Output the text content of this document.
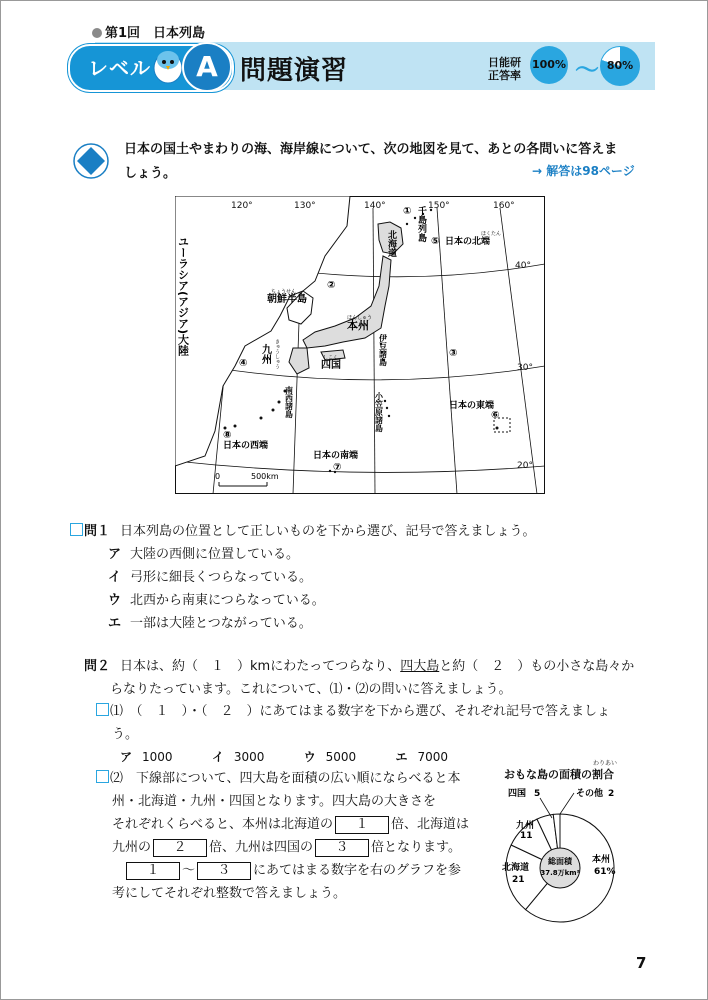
第1回　日本列島
レベル	A 問題演習	日能研
正答率
100% 〜 80%
日本の国土やまわりの海、海岸線について、次の地図を見て、あとの各問いに答えま
しょう。	→ 解答は98ページ
120°	130°	140°	150°	160°
40°
30°
20°
ユーラシア(アジア)大陸	朝鮮半島
ちょうせん
本州
ほんしゅう
九州 きゅうしゅう	四国
しこく
北海道
千島列島
南西諸島	小笠原諸島
伊豆諸島
日本の北端
ほくたん
日本の東端
日本の南端
日本の西端
①
②
③
④
⑤
⑥
⑦
⑧
0	500km
問１ 日本列島の位置として正しいものを下から選び、記号で答えましょう。
ア 大陸の西側に位置している。
イ 弓形に細長くつらなっている。
ウ 北西から南東につらなっている。
エ 一部は大陸とつながっている。
問２ 日本は、約（　１　）kmにわたってつらなり、四大島と約（　２　）もの小さな島々か
らなりたっています。これについて、⑴・⑵の問いに答えましょう。
⑴　（　１　）・（　２　）にあてはまる数字を下から選び、それぞれ記号で答えましょ
う。
ア 1000	イ 3000	ウ 5000	エ 7000
⑵　下線部について、四大島を面積の広い順にならべると本
州・北海道・九州・四国となります。四大島の大きさを
それぞれくらべると、本州は北海道の １ 倍、北海道は
九州の ２ 倍、九州は四国の ３ 倍となります。
１ ～ ３ にあてはまる数字を右のグラフを参
考にしてそれぞれ整数で答えましょう。
おもな島の面積の割合
わりあい
総面積
37.8万km²
本州
61%
北海道
21
九州
11
四国 5	その他 2
7
